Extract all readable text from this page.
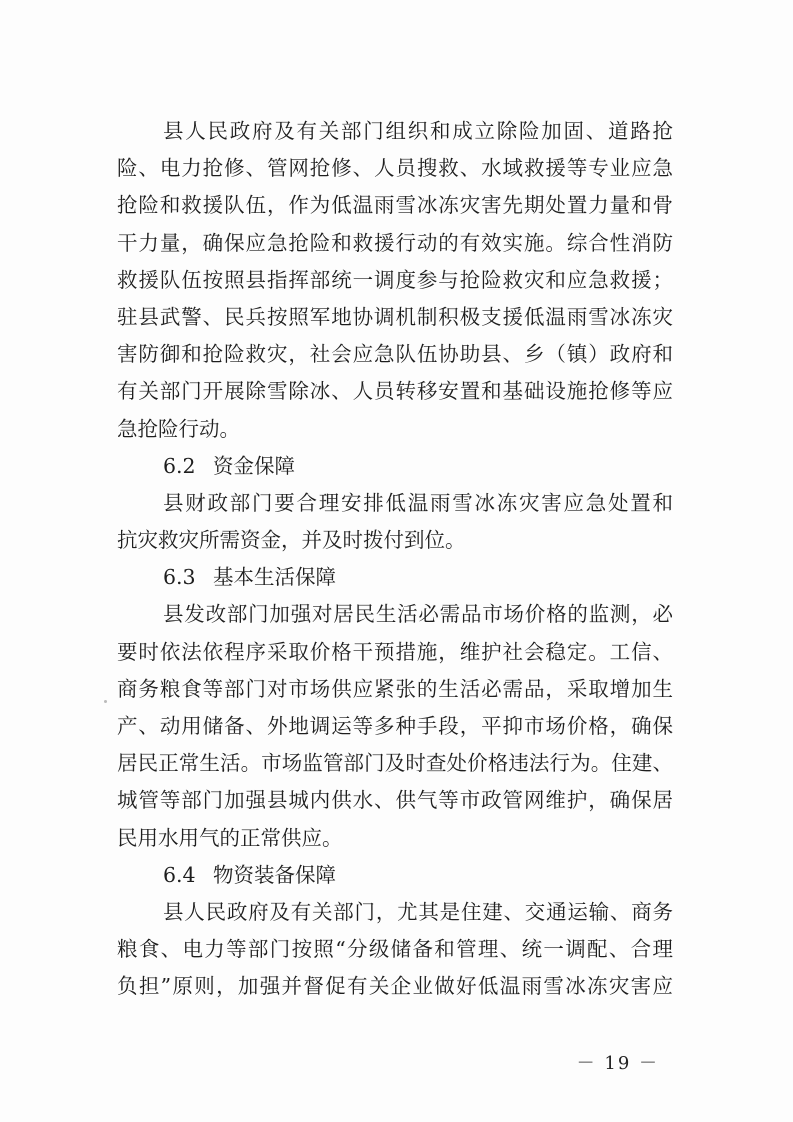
县人民政府及有关部门组织和成立除险加固、道路抢
险、电力抢修、管网抢修、人员搜救、水域救援等专业应急
抢险和救援队伍，作为低温雨雪冰冻灾害先期处置力量和骨
干力量，确保应急抢险和救援行动的有效实施。综合性消防
救援队伍按照县指挥部统一调度参与抢险救灾和应急救援；
驻县武警、民兵按照军地协调机制积极支援低温雨雪冰冻灾
害防御和抢险救灾，社会应急队伍协助县、乡（镇）政府和
有关部门开展除雪除冰、人员转移安置和基础设施抢修等应
急抢险行动。
6.2 资金保障
县财政部门要合理安排低温雨雪冰冻灾害应急处置和
抗灾救灾所需资金，并及时拨付到位。
6.3 基本生活保障
县发改部门加强对居民生活必需品市场价格的监测，必
要时依法依程序采取价格干预措施，维护社会稳定。工信、
商务粮食等部门对市场供应紧张的生活必需品，采取增加生
产、动用储备、外地调运等多种手段，平抑市场价格，确保
居民正常生活。市场监管部门及时查处价格违法行为。住建、
城管等部门加强县城内供水、供气等市政管网维护，确保居
民用水用气的正常供应。
6.4 物资装备保障
县人民政府及有关部门，尤其是住建、交通运输、商务
粮食、电力等部门按照“分级储备和管理、统一调配、合理
负担”原则，加强并督促有关企业做好低温雨雪冰冻灾害应
－ 19 －
